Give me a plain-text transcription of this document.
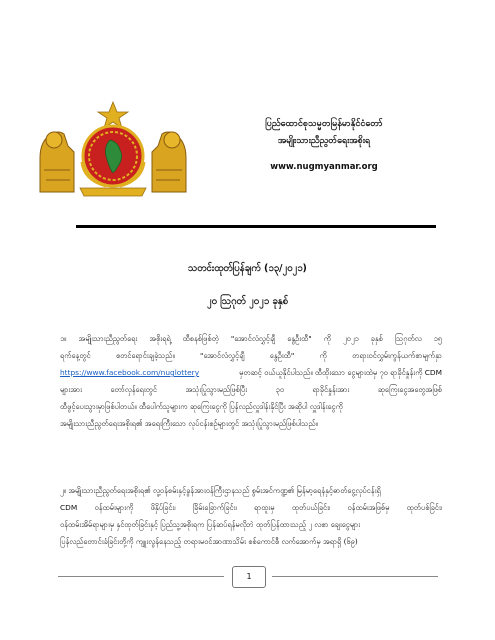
ပြည်ထောင်စုသမ္မတမြန်မာနိုင်ငံတော်
အမျိုးသားညီညွတ်ရေးအစိုးရ
www.nugmyanmar.org
သတင်းထုတ်ပြန်ချက် (၁၃/၂၀၂၁)
၂၀ ဩဂုတ် ၂၀၂၁ ခုနှစ်
၁။ အမျိုးသားညီညွတ်ရေး အစိုးရရဲ့ ထီစနစ်ဖြစ်တဲ့ "အောင်လံလွှင့်ချီ နွေဦးထီ" ကို ၂၀၂၁ ခုနှစ် ဩဂုတ်လ ၁၅
ရက်နေ့တွင်	စတင်ရောင်းချခဲ့သည်။	"အောင်လံလွှင့်ချီ	နွေဦးထီ"	ကို	တရားဝင်လွှမ်းကွန်ယက်စာမျက်နှာ
https://www.facebook.com/nuglottery	မှတဆင့် ဝယ်ယူနိုင်ပါသည်။ ထီထိုးသော ငွေများထဲမှ ၇၀ ရာခိုင်နှုန်းကို CDM
များအား	တော်လှန်ရေးတွင်	အသုံးပြုသွားမည်ဖြစ်ပြီး	၃၀	ရာခိုင်နှုန်းအား	ဆုကြေးငွေအတွေအဖြစ်
ထီဖွင့်ပေးသွားမှာဖြစ်ပါတယ်။ ထီပေါက်သူများက ဆုကြေးငွေကို ပြန်လည်လှူဒါန်းနိုင်ပြီး အဆိုပါ လှူဒါန်းငွေကို
အမျိုးသားညီညွတ်ရေးအစိုးရ၏ အရေးကြီးသော လုပ်ငန်းစဉ်များတွင် အသုံးပြုသွားမည်ဖြစ်ပါသည်။
၂။ အမျိုးသားညီညွတ်ရေးအစိုးရ၏ လူ့ဝန်စမ်းနှင့်ခွန်အားဝန်ကြီးဌာနသည် စွမ်းအင်ကဏ္ဍ၏ မြန်မာ့ရေနံနှင့်ဓာတ်ငွေ့လုပ်ငန်းရှိ
CDM ဝန်ထမ်းများကို ဖိနှိပ်ခြင်း၊ ခြိမ်းခြောက်ခြင်း၊ ရာထူးမှ ထုတ်ပယ်ခြင်း၊ ဝန်ထမ်းအဖြစ်မှ ထုတ်ပစ်ခြင်း၊
ဝန်ထမ်းအိမ်ရာများမှ နှင်ထုတ်ခြင်းနှင့် ပြည်သူ့အစိုးရက ပြန်ဆပ်ရန်မလိုဘဲ ထုတ်ပြန်ထားသည့် ၂ လစာ ချေးငွေများ
ပြန်လည်တောင်းခံခြင်းတို့ကို ကျူးလွန်နေသည့် တရားမဝင်အာဏာသိမ်း စစ်ကောင်စီ လက်အောက်မှ အရာရှိ (၆၉)
1
